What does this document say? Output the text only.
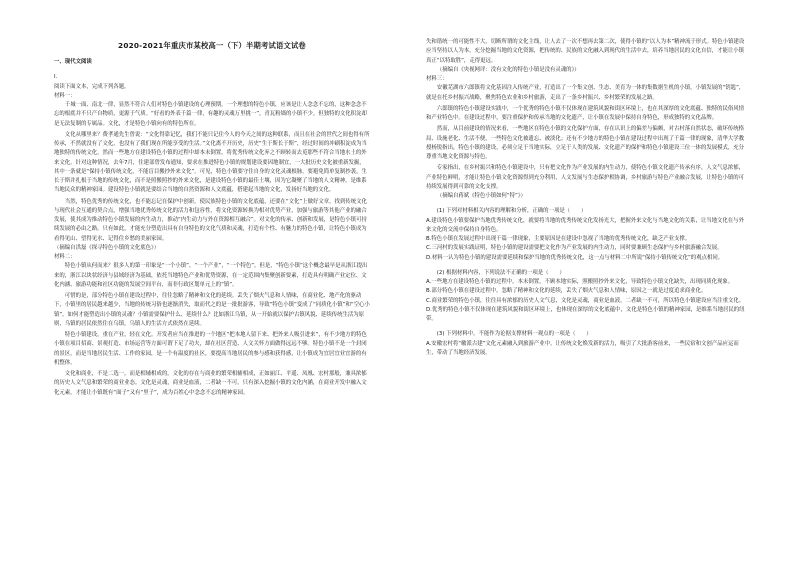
2020-2021年重庆市某校高一（下）半期考试语文试卷

一、现代文阅读

I.

阅读下面文本，完成下列各题。

材料一：

千城一面、南北一律，显然不符合人们对特色小镇建设的心理预期。一个理想的特色小镇，应该是让人念念不忘的，这种念念不忘的根底并不只产自物质，更源于气质。“好看的外表千篇一律，有趣的灵魂万里挑一”，青瓦粉墙的小镇不少，但独特的文化积淀却是无法复制的专属品。文化，才是特色小镇向有的特色所在。

文化从哪里来？费孝通先生曾说：“文化得靠记忆，我们不能只记住今人的今天之间的这种联系，而且在社会的世代之间也得有所传承，不然就没有了文化，也没有了我们现在所能享受的生活。”文化离不开历史，历史“生于斯长于斯”，经过时间的冲刷积淀成为当地独特的传统文化。然而一些地方在建设特色小镇的过程中却本末倒置，将优秀传统文化弃之不顾转而去觅那些不符合当地水土的外来文化。针对这种情况，去年7月，住建部曾发布通知，要求在推进特色小镇的规划建设要因地制宜，一大批历史文化被重新发掘，其中一条就是“保持小镇传统文化，不能盲目搬抄外来文化”。可见，特色小镇要守住自身的文化灵魂根脉，要避免简单复制抄袭。生长于斯并扎根于当地的传统文化，而不是照搬照抄的外来文化，是建设特色小镇的最佳土壤，因为它凝聚了当地的人文精神，是维系当地民众的精神家园。建设特色小镇就是要结合当地的自然资源和人文底蕴，搭建起当地的文化，发扬好当地的文化。

当然，特色优秀的传统文化，也不能忘记在保护中创新，使民族特色小镇的文化底蕴，还要在“文化”上做好文章，找到传统文化与现代社会互通的契合点，增强当地优秀传统文化的活力和包容性，将文化资源转换为相对优势产业，加强与旅游等其他产业的融合发展，使其成为推动特色小镇发展的内生动力，推动“内生动力与外在资源相互融合”。对文化的传承、创新和发展，是特色小镇可持续发展的必由之路。只有如此，才能充分塑造出具有自身特色的文化气质和灵魂，打造有个性、有魅力的特色小镇，让特色小镇成为看得见山、望得见水、记得住乡愁的美丽家园。

（摘编自洪磊《探寻特色小镇的文化底色》）

材料二：

特色小镇从何而来？很多人的第一印象是“一个小镇”，“一个产业”，“一个特色”。但是，“特色小镇”这个概念最早是从浙江提出来的，浙江以块状经济与县域经济为基础，依托当地特色产业和优势资源，在一定范围内集聚创新要素，打造具有明确产业定位、文化内涵、旅游功能和社区功能的发展空间平台，而非行政区划单元上的“镇”。

可惜的是，部分特色小镇在建设过程中，往往忽略了精神和文化的延续。丢失了烟火气息和人情味，在商业化、地产化的驱动下，小镇里的居民越来越少，当地的传统习俗也逐渐消失，取而代之的是一批批游客，导致“特色小镇”变成了“同质化小镇”和“空心小镇”。如何才能塑造出小镇的灵魂？小镇需要保护什么、延续什么？比如浙江乌镇，从一开始就以保护古镇风貌、延续传统生活为原则，乌镇的居民依然住在乌镇，乌镇人的生活方式依然在延续。

特色小镇建设，重在产业，轻在文化。开发者应当在推进的一个地区“把本地人留下来、把外来人吸引进来”，有不少地方的特色小镇在项目招商、景观打造、市场运营等方面可谓下足了功夫，却在社区营造、人文关怀方面做得远远不够。特色小镇不是一个封闭的景区，而是当地居民生活、工作的家园，是一个有温度的社区，要提高当地居民的参与感和获得感，让小镇成为宜居宜业宜游的有机整体。

文化和商业，不是二选一，而是相辅相成的。文化的存在与商业的繁荣相辅相成，正如丽江、平遥、凤凰、宏村那般，兼具浓郁的历史人文气息和繁荣的商业业态。文化是灵魂，商业是血液，二者缺一不可。只有深入挖掘小镇的文化内涵，在商业开发中融入文化元素，才能让小镇既有“面子”又有“里子”，成为百姓心中念念不忘的精神家园。

失和谐统一的可能性不大，切断所谓的文化主线，让人去了一次不想再去第二次，使得小镇的“以人为本”精神流于形式。特色小镇建设应当坚持以人为本，充分挖掘当地的文化资源，把传统的、民族的文化融入到现代的生活中去，培养当地居民的文化自信，才能让小镇真正“以特取胜”，走得更远。

（摘编自《央视网评：没有文化的特色小镇是没有灵魂的》）

材料三：

安徽芜湖市六郎镇将文化基因注入传统产业，打造出了一个集文创、生态、美育为一体的集数据生机的小镇，小镇发展的“钥匙”，就是在托乡村振兴战略，聚焦特色农业和乡村旅游，走出了一条乡村振兴、乡村繁荣的发展之路。

六郎镇的特色小镇建设实践中，一个优秀的特色小镇不仅体现在建筑风貌和街区环境上，也在其深厚的文化底蕴、独特的民俗风情和产业特色中。在建设过程中，要注重保护和传承当地的文化遗产，让小镇在发展中保持自身特色，形成独特的文化品牌。

然而，从目前建设的情况来看，一些地区在特色小镇的文化保护方面，存在认识上的偏差与偏颇，对古村落自然状态，破坏传统格局、设施老化、生活不便，一些特色文化被遗忘、被淡化；还有不少地方的特色小镇在建设过程中出现了千篇一律的现象，清华大学教授杨锐指出，特色小镇的建设，必须立足于当地实际，立足于人类的发展、文化遗产的保护和特色小镇建设三位一体的发展模式，充分尊重当地文化资源与特色。

专家指出，在乡村振兴和特色小镇建设中，只有把文化作为产业发展的内生动力，使特色小镇文化遗产传承有序，人文气息浓郁，产业特色鲜明，才能让特色小镇文化资源得到充分利用，人文发展与生态保护相协调，乡村旅游与特色产业融合发展，让特色小镇的可持续发展得到可靠的文化支撑。

（摘编自蒋斌《特色小镇如何“特”》）

(1) 下列对材料相关内容的理解和分析，正确的一项是（　　）

A.建设特色小镇要保护当地优秀传统文化，就要将当地的优秀传统文化发扬光大，把握外来文化与当地文化的关系，让当地文化在与外来文化的交流中保持自身特色。

B.特色小镇在发展过程中出现千篇一律现象，主要原因是在建设中忽视了当地的优秀传统文化，缺乏产业支撑。

C.三河村的发展实践证明，特色小镇的建设需要把文化作为产业发展的内生动力，同时要兼顾生态保护与乡村旅游融合发展。

D.材料一认为特色小镇的建设需要延续和保护当地的优秀传统文化，这一点与材料二中所说“保持小镇传统文化”的观点相同。

(2) 根据材料内容，下列说法不正确的一项是（　　）

A.一些地方在建设特色小镇的过程中，本末倒置，不顾本地实际，照搬照抄外来文化，导致特色小镇文化缺失，出现同质化现象。

B.部分特色小镇在建设过程中，忽略了精神和文化的延续，丢失了烟火气息和人情味，原因之一就是过度追求商业化。

C.商业繁荣的特色小镇，往往具有浓郁的历史人文气息，文化是灵魂，商业是血液，二者缺一不可，所以特色小镇建设应当注重文化。

D.优秀的特色小镇不仅体现在建筑风貌和街区环境上，也体现在深厚的文化底蕴中，文化是特色小镇的精神家园，是维系当地居民的纽带。

(3) 下列材料中，不能作为论据支撑材料一观点的一项是（　　）

A.安徽宏村将“徽派古建”文化元素融入到旅游产业中，让传统文化焕发新的活力，吸引了大批游客前来，一些民宿和文创产品应运而生，带动了当地经济发展。
